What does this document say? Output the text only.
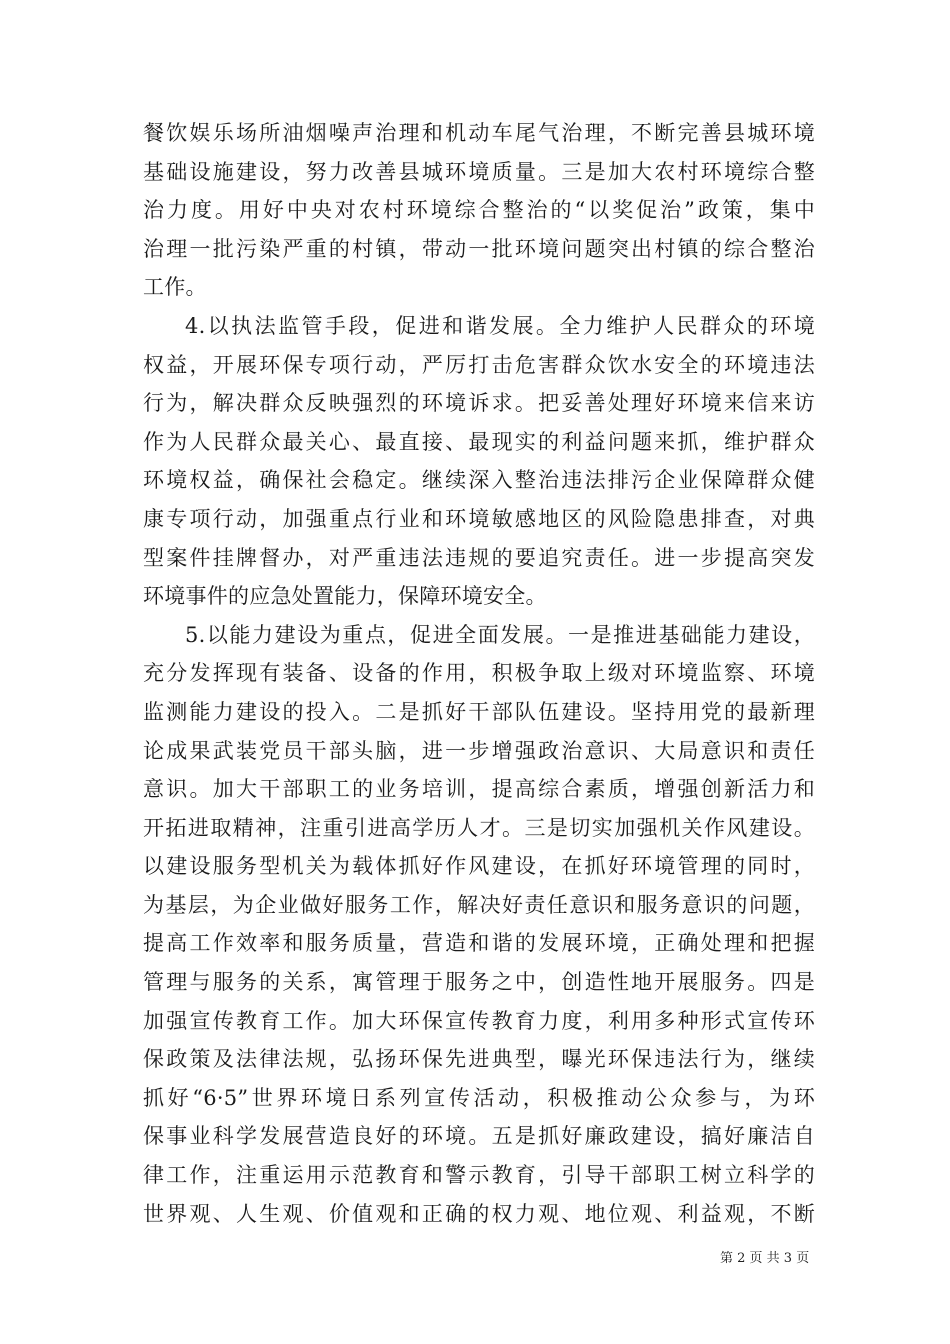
餐饮娱乐场所油烟噪声治理和机动车尾气治理，不断完善县城环境
基础设施建设，努力改善县城环境质量。三是加大农村环境综合整
治力度。用好中央对农村环境综合整治的“以奖促治”政策，集中
治理一批污染严重的村镇，带动一批环境问题突出村镇的综合整治
工作。
4.以执法监管手段，促进和谐发展。全力维护人民群众的环境
权益，开展环保专项行动，严厉打击危害群众饮水安全的环境违法
行为，解决群众反映强烈的环境诉求。把妥善处理好环境来信来访
作为人民群众最关心、最直接、最现实的利益问题来抓，维护群众
环境权益，确保社会稳定。继续深入整治违法排污企业保障群众健
康专项行动，加强重点行业和环境敏感地区的风险隐患排查，对典
型案件挂牌督办，对严重违法违规的要追究责任。进一步提高突发
环境事件的应急处置能力，保障环境安全。
5.以能力建设为重点，促进全面发展。一是推进基础能力建设，
充分发挥现有装备、设备的作用，积极争取上级对环境监察、环境
监测能力建设的投入。二是抓好干部队伍建设。坚持用党的最新理
论成果武装党员干部头脑，进一步增强政治意识、大局意识和责任
意识。加大干部职工的业务培训，提高综合素质，增强创新活力和
开拓进取精神，注重引进高学历人才。三是切实加强机关作风建设。
以建设服务型机关为载体抓好作风建设，在抓好环境管理的同时，
为基层，为企业做好服务工作，解决好责任意识和服务意识的问题，
提高工作效率和服务质量，营造和谐的发展环境，正确处理和把握
管理与服务的关系，寓管理于服务之中，创造性地开展服务。四是
加强宣传教育工作。加大环保宣传教育力度，利用多种形式宣传环
保政策及法律法规，弘扬环保先进典型，曝光环保违法行为，继续
抓好“6·5”世界环境日系列宣传活动，积极推动公众参与，为环
保事业科学发展营造良好的环境。五是抓好廉政建设，搞好廉洁自
律工作，注重运用示范教育和警示教育，引导干部职工树立科学的
世界观、人生观、价值观和正确的权力观、地位观、利益观，不断
第 2 页 共 3 页
